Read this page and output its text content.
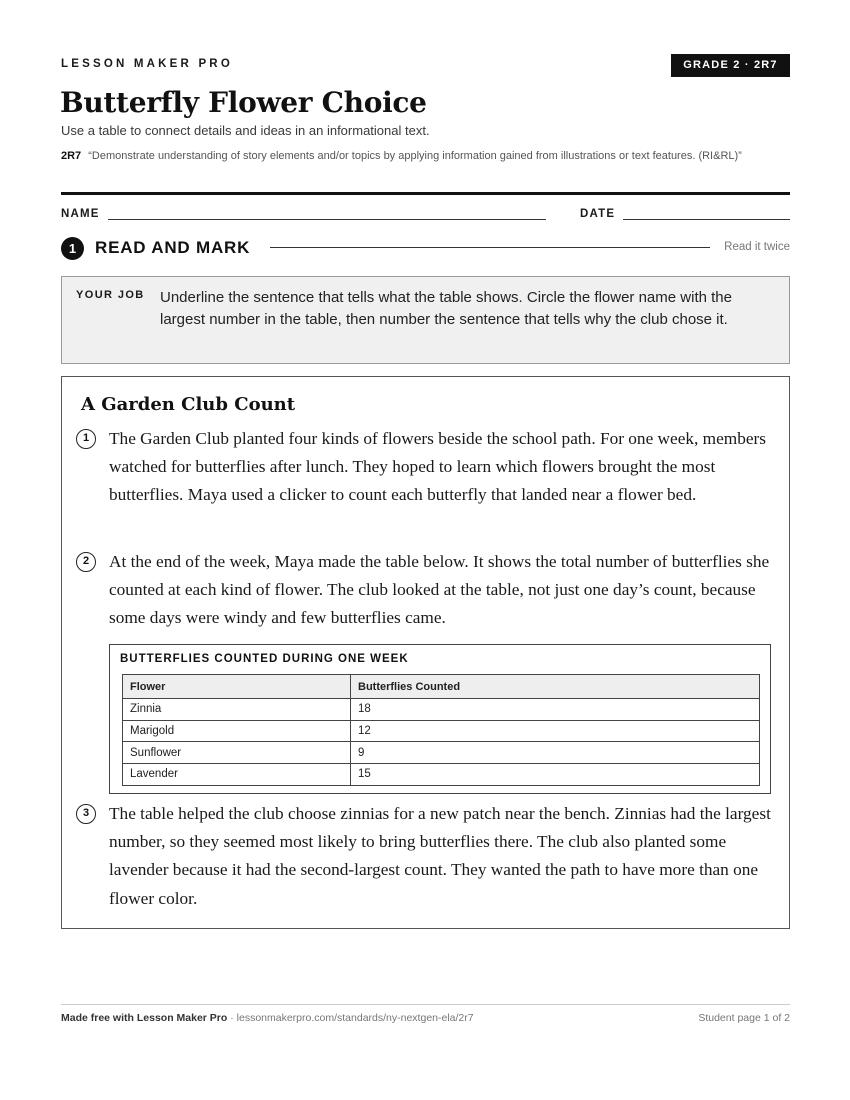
LESSON MAKER PRO	GRADE 2 · 2R7
Butterfly Flower Choice
Use a table to connect details and ideas in an informational text.
2R7 “Demonstrate understanding of story elements and/or topics by applying information gained from illustrations or text features. (RI&RL)”
NAME	DATE
1	READ AND MARK	Read it twice
YOUR JOB Underline the sentence that tells what the table shows. Circle the flower name with the largest number in the table, then number the sentence that tells why the club chose it.
A Garden Club Count
1	The Garden Club planted four kinds of flowers beside the school path. For one week, members watched for butterflies after lunch. They hoped to learn which flowers brought the most butterflies. Maya used a clicker to count each butterfly that landed near a flower bed.
2	At the end of the week, Maya made the table below. It shows the total number of butterflies she counted at each kind of flower. The club looked at the table, not just one day’s count, because some days were windy and few butterflies came.
BUTTERFLIES COUNTED DURING ONE WEEK
Flower	Butterflies Counted
Zinnia	18
Marigold	12
Sunflower	9
Lavender	15
3	The table helped the club choose zinnias for a new patch near the bench. Zinnias had the largest number, so they seemed most likely to bring butterflies there. The club also planted some lavender because it had the second-largest count. They wanted the path to have more than one flower color.
Made free with Lesson Maker Pro · lessonmakerpro.com/standards/ny-nextgen-ela/2r7	Student page 1 of 2
